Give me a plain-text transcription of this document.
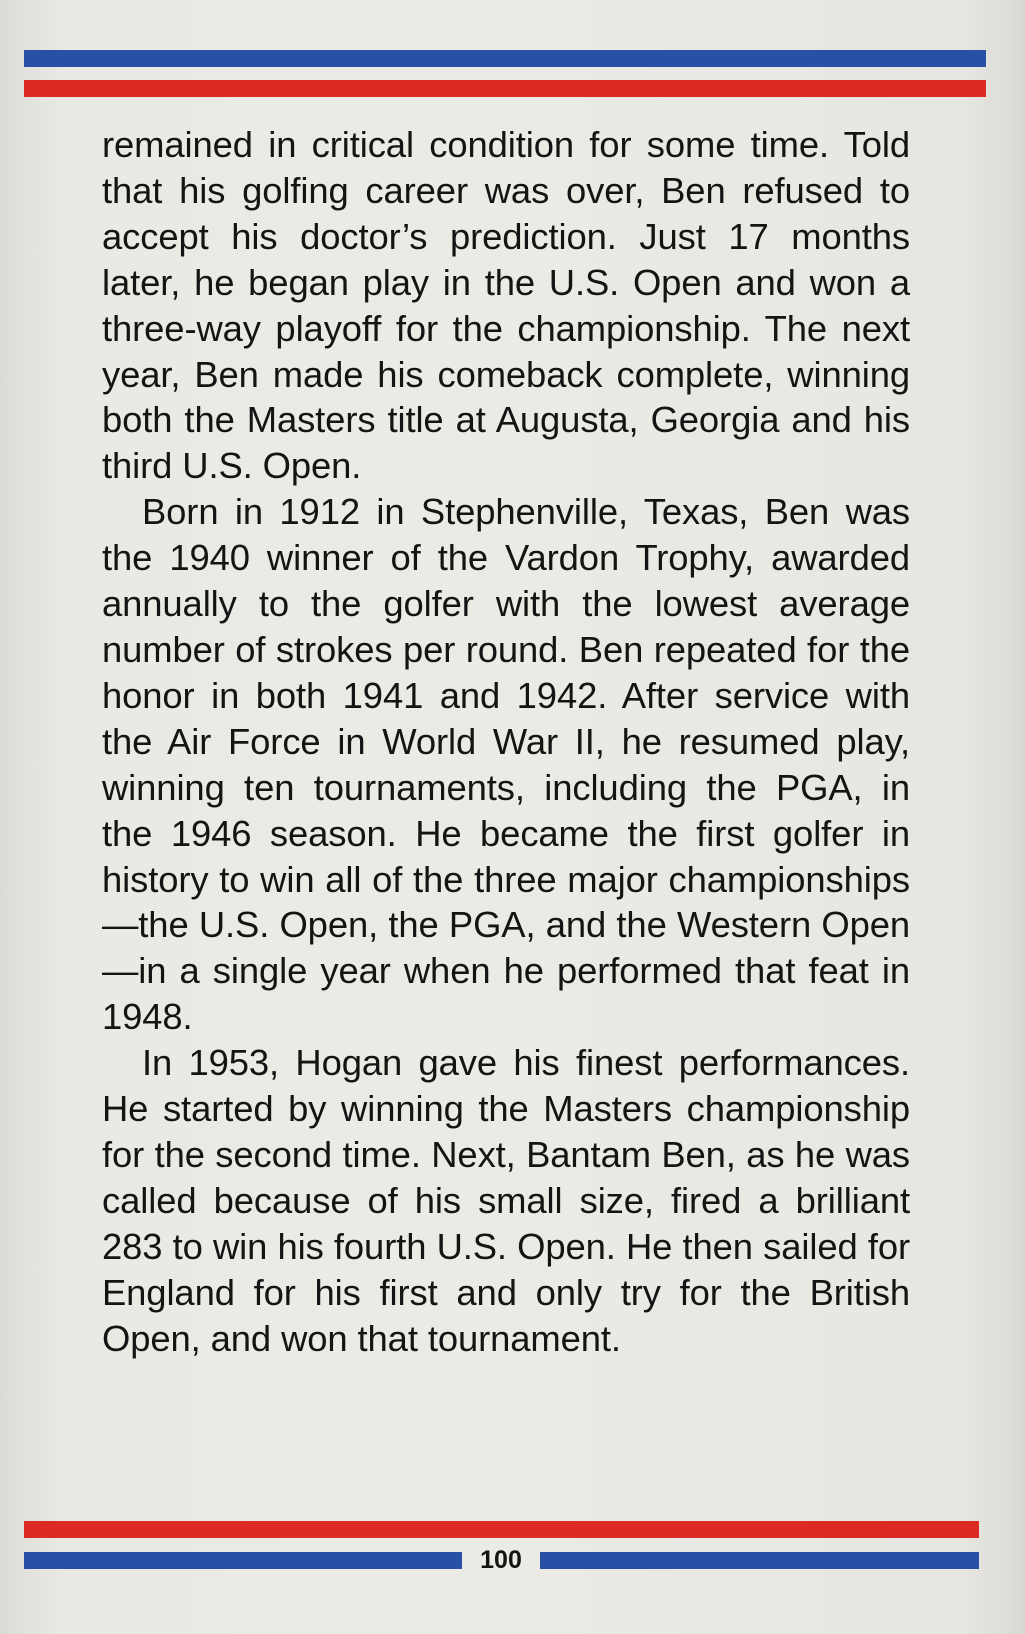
remained in critical condition for some time. Told that his golfing career was over, Ben refused to accept his doctor’s prediction. Just 17 months later, he began play in the U.S. Open and won a three-way playoff for the championship. The next year, Ben made his comeback complete, winning both the Masters title at Augusta, Georgia and his third U.S. Open.

Born in 1912 in Stephenville, Texas, Ben was the 1940 winner of the Vardon Trophy, awarded annually to the golfer with the lowest average number of strokes per round. Ben repeated for the honor in both 1941 and 1942. After service with the Air Force in World War II, he resumed play, winning ten tournaments, including the PGA, in the 1946 season. He became the first golfer in history to win all of the three major championships—the U.S. Open, the PGA, and the Western Open—in a single year when he performed that feat in 1948.

In 1953, Hogan gave his finest performances. He started by winning the Masters championship for the second time. Next, Bantam Ben, as he was called because of his small size, fired a brilliant 283 to win his fourth U.S. Open. He then sailed for England for his first and only try for the British Open, and won that tournament.

100
